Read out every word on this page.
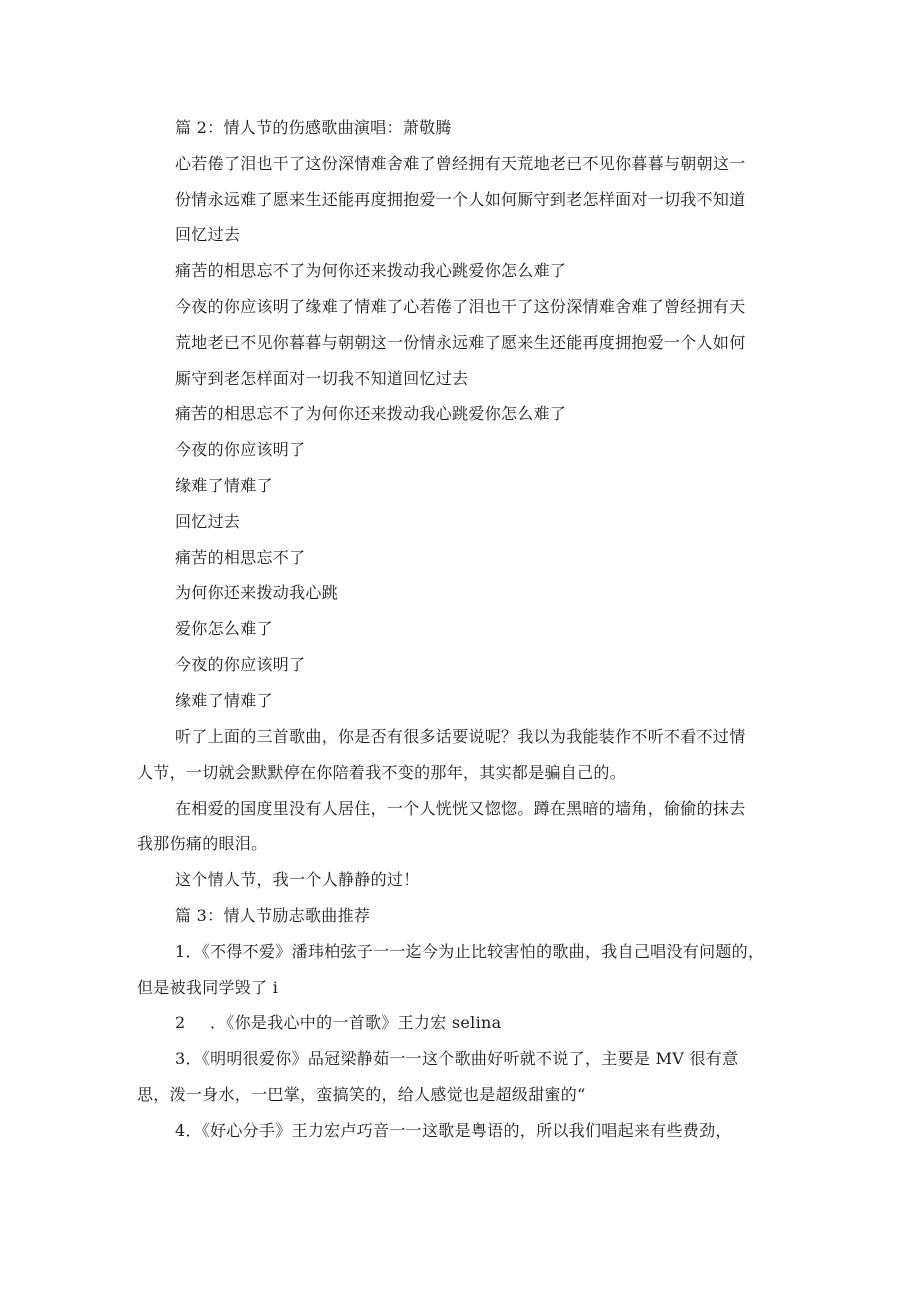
篇 2：情人节的伤感歌曲演唱：萧敬腾
心若倦了泪也干了这份深情难舍难了曾经拥有天荒地老已不见你暮暮与朝朝这一
份情永远难了愿来生还能再度拥抱爱一个人如何厮守到老怎样面对一切我不知道
回忆过去
痛苦的相思忘不了为何你还来拨动我心跳爱你怎么难了
今夜的你应该明了缘难了情难了心若倦了泪也干了这份深情难舍难了曾经拥有天
荒地老已不见你暮暮与朝朝这一份情永远难了愿来生还能再度拥抱爱一个人如何
厮守到老怎样面对一切我不知道回忆过去
痛苦的相思忘不了为何你还来拨动我心跳爱你怎么难了
今夜的你应该明了
缘难了情难了
回忆过去
痛苦的相思忘不了
为何你还来拨动我心跳
爱你怎么难了
今夜的你应该明了
缘难了情难了
听了上面的三首歌曲，你是否有很多话要说呢？我以为我能装作不听不看不过情
人节，一切就会默默停在你陪着我不变的那年，其实都是骗自己的。
在相爱的国度里没有人居住，一个人恍恍又惚惚。蹲在黑暗的墙角，偷偷的抹去
我那伤痛的眼泪。
这个情人节，我一个人静静的过！
篇 3：情人节励志歌曲推荐
1．《不得不爱》潘玮柏弦子一一迄今为止比较害怕的歌曲，我自己唱没有问题的，
但是被我同学毁了 i
2 ．《你是我心中的一首歌》王力宏 selina
3．《明明很爱你》品冠梁静茹一一这个歌曲好听就不说了，主要是 MV 很有意
思，泼一身水，一巴掌，蛮搞笑的，给人感觉也是超级甜蜜的“
4．《好心分手》王力宏卢巧音一一这歌是粤语的，所以我们唱起来有些费劲，
